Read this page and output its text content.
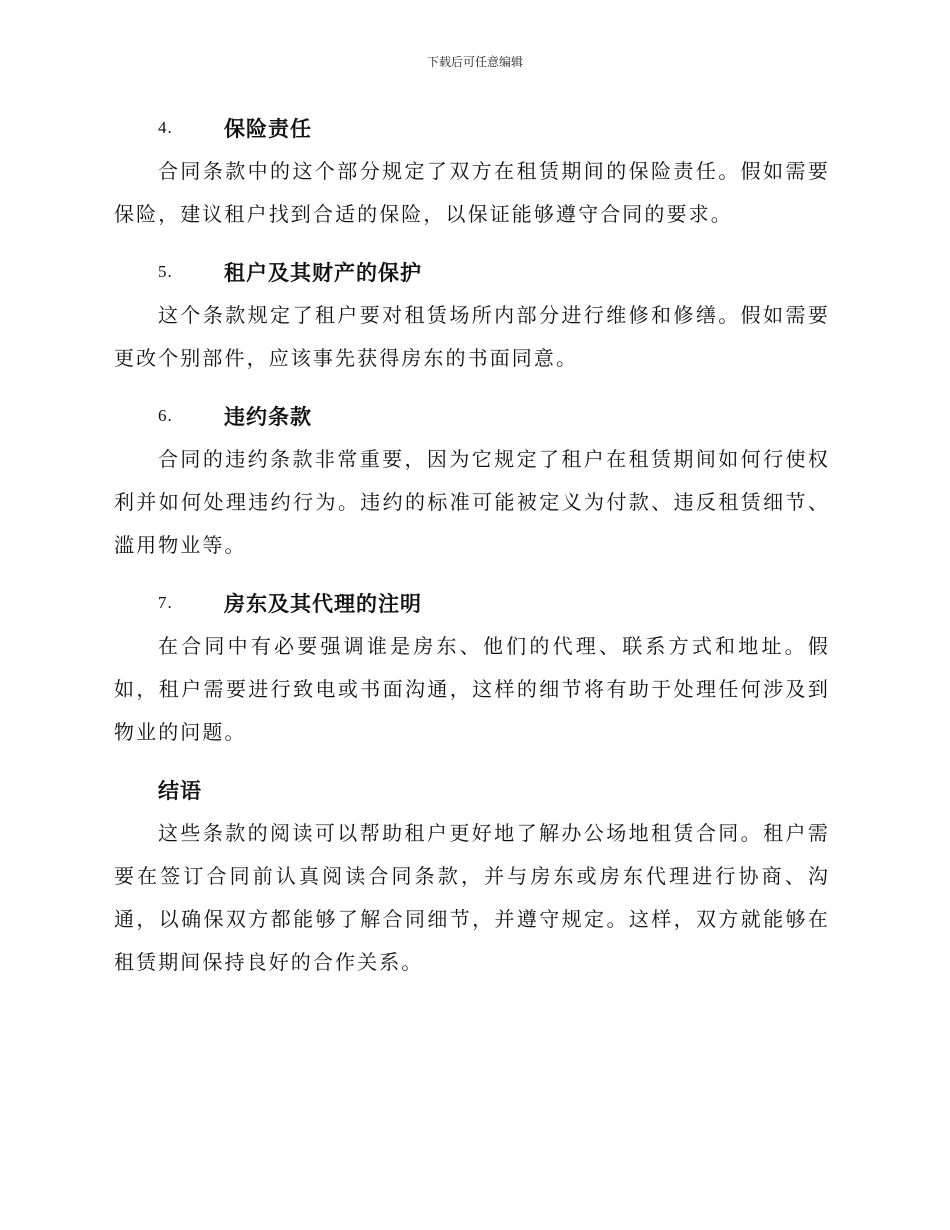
下载后可任意编辑
4.	保险责任

合同条款中的这个部分规定了双方在租赁期间的保险责任。假如需要保险，建议租户找到合适的保险，以保证能够遵守合同的要求。

5.	租户及其财产的保护

这个条款规定了租户要对租赁场所内部分进行维修和修缮。假如需要更改个别部件，应该事先获得房东的书面同意。

6.	违约条款

合同的违约条款非常重要，因为它规定了租户在租赁期间如何行使权利并如何处理违约行为。违约的标准可能被定义为付款、违反租赁细节、滥用物业等。

7.	房东及其代理的注明

在合同中有必要强调谁是房东、他们的代理、联系方式和地址。假如，租户需要进行致电或书面沟通，这样的细节将有助于处理任何涉及到物业的问题。

结语

这些条款的阅读可以帮助租户更好地了解办公场地租赁合同。租户需要在签订合同前认真阅读合同条款，并与房东或房东代理进行协商、沟通，以确保双方都能够了解合同细节，并遵守规定。这样，双方就能够在租赁期间保持良好的合作关系。
